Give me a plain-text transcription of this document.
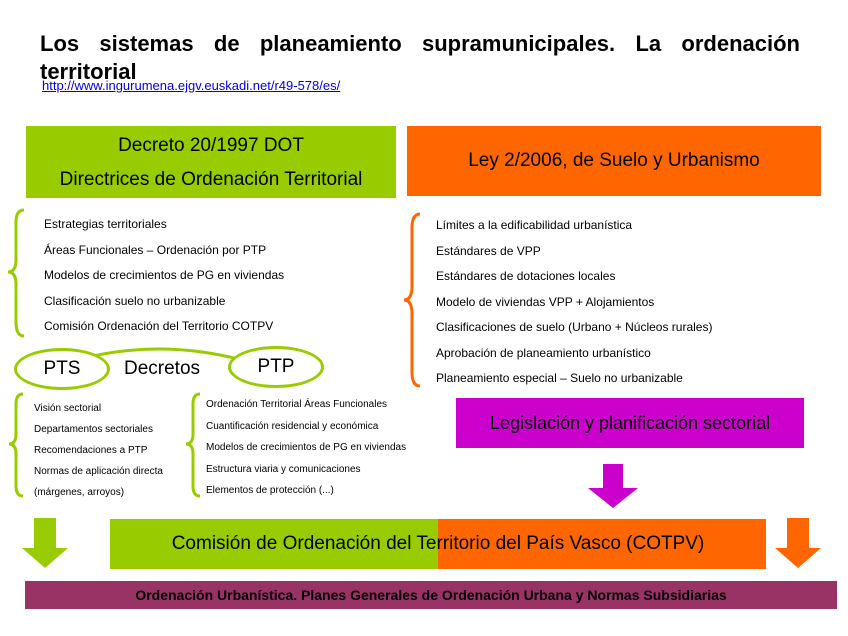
Los sistemas de planeamiento supramunicipales. La ordenación territorial
http://www.ingurumena.ejgv.euskadi.net/r49-578/es/
Decreto 20/1997 DOT
Directrices de Ordenación Territorial
Ley 2/2006, de Suelo y Urbanismo
Estrategias territoriales
Áreas Funcionales – Ordenación por PTP
Modelos de crecimientos de PG en viviendas
Clasificación suelo no urbanizable
Comisión Ordenación del Territorio COTPV
Límites a la edificabilidad urbanística
Estándares de VPP
Estándares de dotaciones locales
Modelo de viviendas VPP + Alojamientos
Clasificaciones de suelo (Urbano + Núcleos rurales)
Aprobación de planeamiento urbanístico
Planeamiento especial – Suelo no urbanizable
PTS Decretos	PTP
Visión sectorial
Departamentos sectoriales
Recomendaciones a PTP
Normas de aplicación directa
(márgenes, arroyos)
Ordenación Territorial Áreas Funcionales
Cuantificación residencial y económica
Modelos de crecimientos de PG en viviendas
Estructura viaria y comunicaciones
Elementos de protección (...)
Legislación y planificación sectorial
Comisión de Ordenación del Territorio del País Vasco (COTPV)
Ordenación Urbanística. Planes Generales de Ordenación Urbana y Normas Subsidiarias
